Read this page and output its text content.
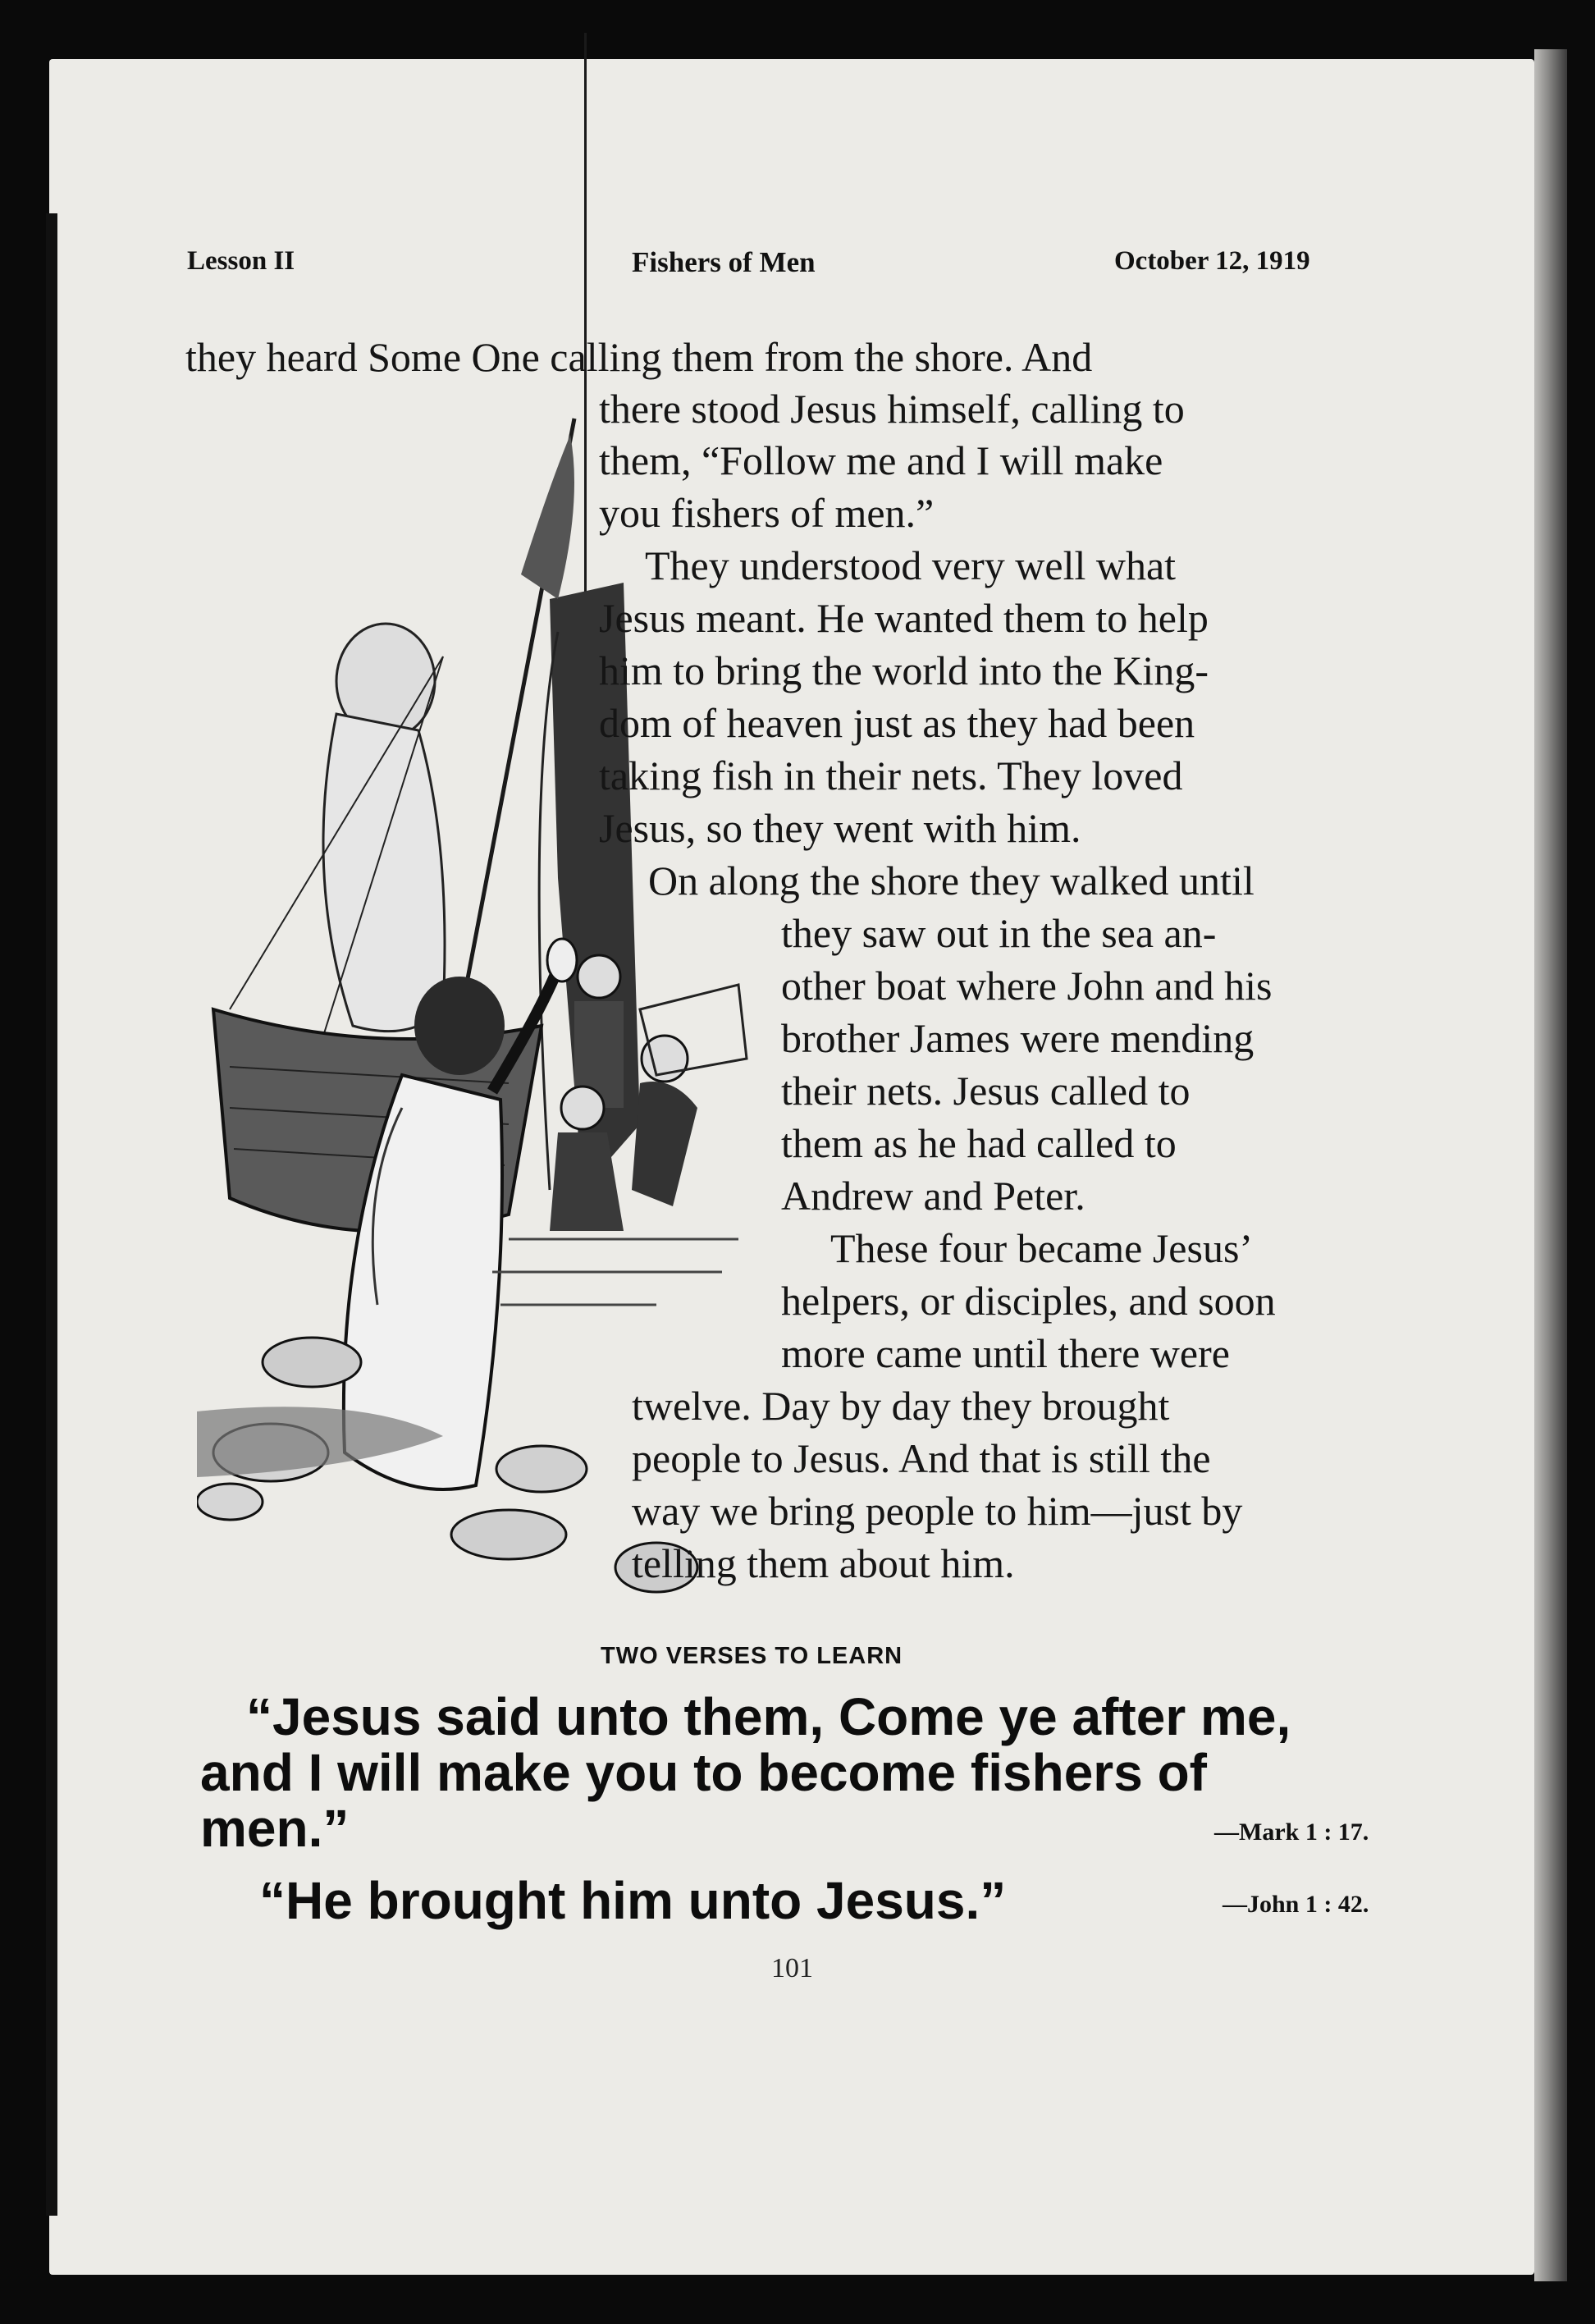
Lesson II	Fishers of Men	October 12, 1919
they heard Some One calling them from the shore. And
there stood Jesus himself, calling to
them, “Follow me and I will make
you fishers of men.”
They understood very well what
Jesus meant. He wanted them to help
him to bring the world into the King-
dom of heaven just as they had been
taking fish in their nets. They loved
Jesus, so they went with him.
On along the shore they walked until
they saw out in the sea an-
other boat where John and his
brother James were mending
their nets. Jesus called to
them as he had called to
Andrew and Peter.
These four became Jesus’
helpers, or disciples, and soon
more came until there were
twelve. Day by day they brought
people to Jesus. And that is still the
way we bring people to him—just by
telling them about him.
TWO VERSES TO LEARN
“Jesus said unto them, Come ye after me,
and I will make you to become fishers of
men.”	—Mark 1 : 17.
“He brought him unto Jesus.”	—John 1 : 42.
101
